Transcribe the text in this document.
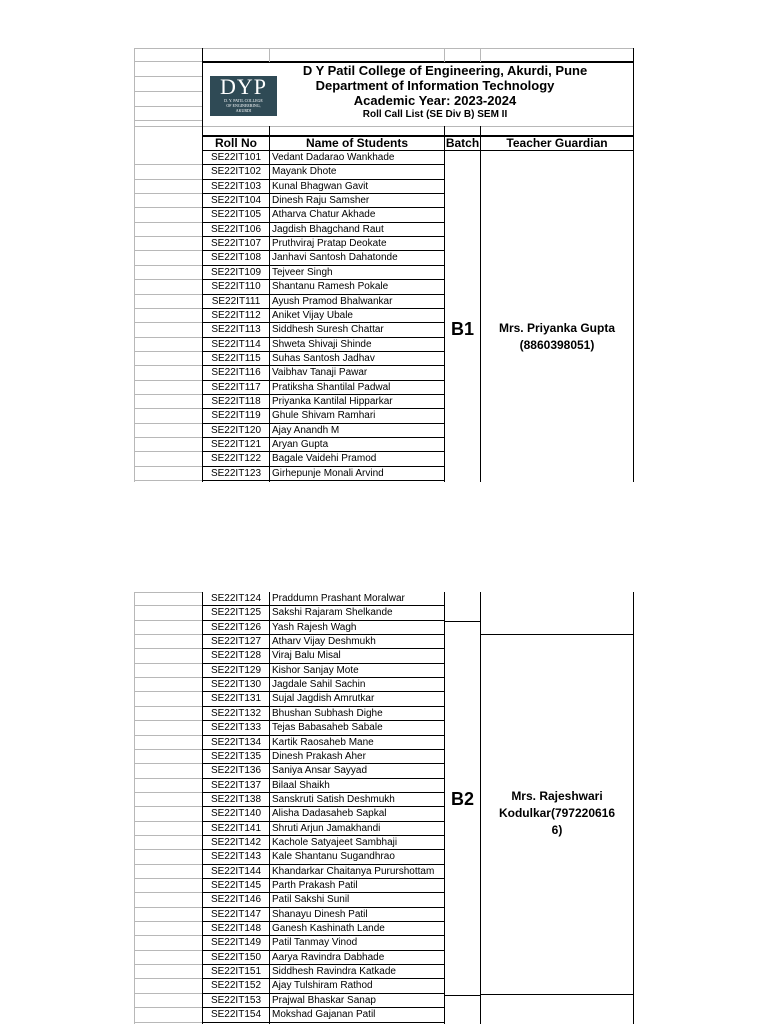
DYP
D. Y. PATIL COLLEGE
OF ENGINEERING,
AKURDI
D Y Patil College of Engineering, Akurdi, Pune
Department of Information Technology
Academic Year: 2023-2024
Roll Call List (SE Div B) SEM II
Roll No	Name of Students	Batch	Teacher Guardian
SE22IT101	Vedant Dadarao Wankhade
SE22IT102	Mayank Dhote
SE22IT103	Kunal Bhagwan Gavit
SE22IT104	Dinesh Raju Samsher
SE22IT105	Atharva Chatur Akhade
SE22IT106	Jagdish Bhagchand Raut
SE22IT107	Pruthviraj Pratap Deokate
SE22IT108	Janhavi Santosh Dahatonde
SE22IT109	Tejveer Singh
SE22IT110	Shantanu Ramesh Pokale
SE22IT111	Ayush Pramod Bhalwankar
SE22IT112	Aniket Vijay Ubale
SE22IT113	Siddhesh Suresh Chattar
SE22IT114	Shweta Shivaji Shinde
SE22IT115	Suhas Santosh Jadhav
SE22IT116	Vaibhav Tanaji Pawar
SE22IT117	Pratiksha Shantilal Padwal
SE22IT118	Priyanka Kantilal Hipparkar
SE22IT119	Ghule Shivam Ramhari
SE22IT120	Ajay Anandh M
SE22IT121	Aryan Gupta
SE22IT122	Bagale Vaidehi Pramod
SE22IT123	Girhepunje Monali Arvind
B1	Mrs. Priyanka Gupta
(8860398051)
SE22IT124	Praddumn Prashant Moralwar
SE22IT125	Sakshi Rajaram Shelkande
SE22IT126	Yash Rajesh Wagh
SE22IT127	Atharv Vijay Deshmukh
SE22IT128	Viraj Balu Misal
SE22IT129	Kishor Sanjay Mote
SE22IT130	Jagdale Sahil Sachin
SE22IT131	Sujal Jagdish Amrutkar
SE22IT132	Bhushan Subhash Dighe
SE22IT133	Tejas Babasaheb Sabale
SE22IT134	Kartik Raosaheb Mane
SE22IT135	Dinesh Prakash Aher
SE22IT136	Saniya Ansar Sayyad
SE22IT137	Bilaal Shaikh
SE22IT138	Sanskruti Satish Deshmukh
SE22IT140	Alisha Dadasaheb Sapkal
SE22IT141	Shruti Arjun Jamakhandi
SE22IT142	Kachole Satyajeet Sambhaji
SE22IT143	Kale Shantanu Sugandhrao
SE22IT144	Khandarkar Chaitanya Pururshottam
SE22IT145	Parth Prakash Patil
SE22IT146	Patil Sakshi Sunil
SE22IT147	Shanayu Dinesh Patil
SE22IT148	Ganesh Kashinath Lande
SE22IT149	Patil Tanmay Vinod
SE22IT150	Aarya Ravindra Dabhade
SE22IT151	Siddhesh Ravindra Katkade
SE22IT152	Ajay Tulshiram Rathod
SE22IT153	Prajwal Bhaskar Sanap
SE22IT154	Mokshad Gajanan Patil
B2	Mrs. Rajeshwari
Kodulkar(797220616
6)
